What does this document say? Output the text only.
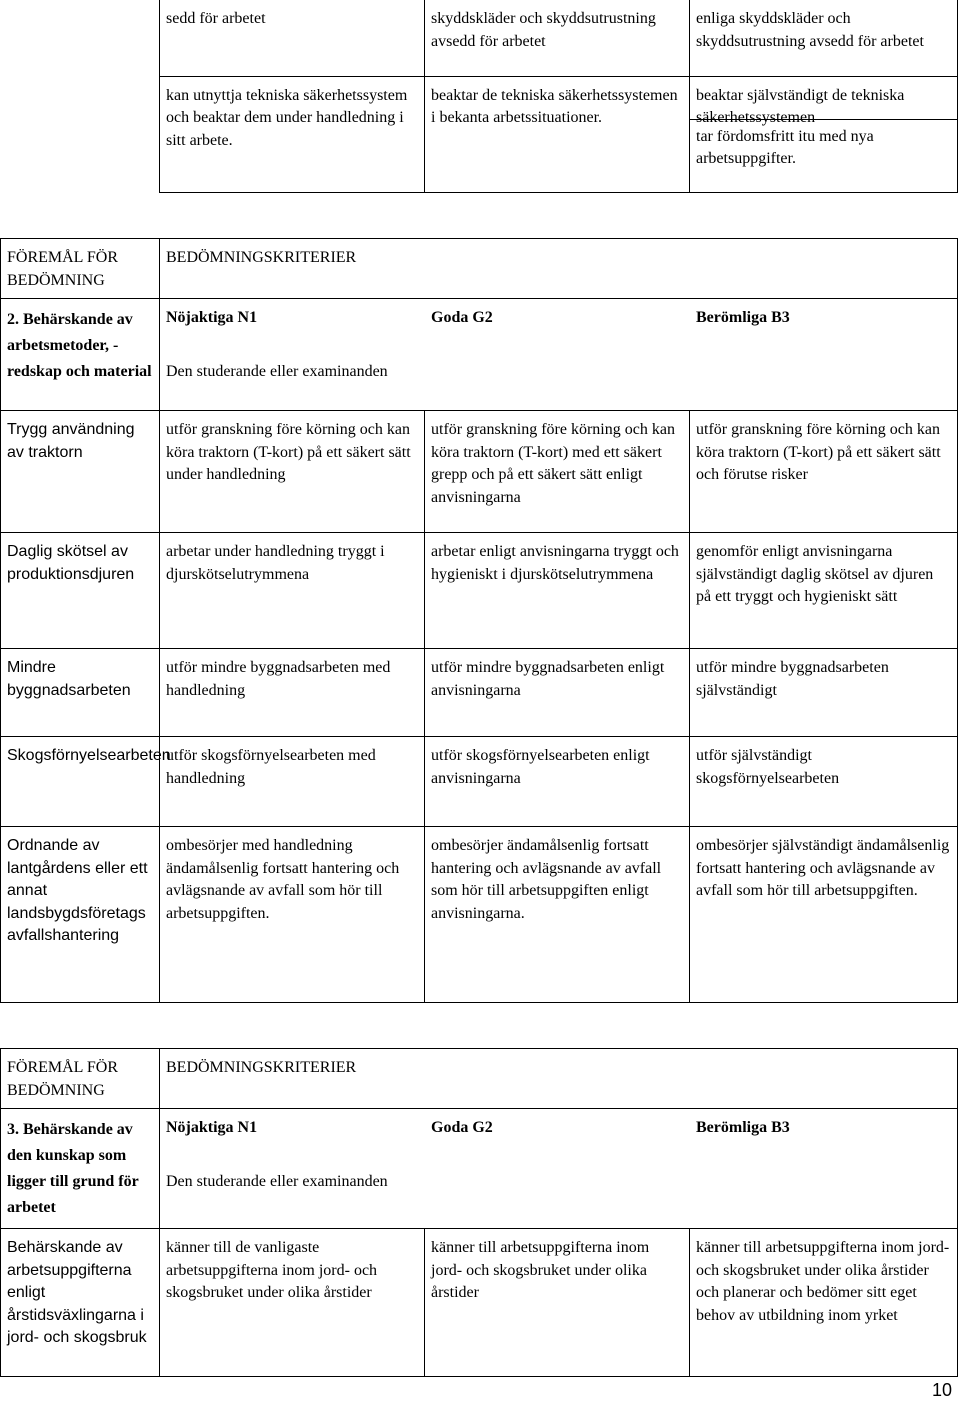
sedd för arbetet	skyddskläder och skyddsutrustning avsedd för arbetet	enliga skyddskläder och skyddsutrustning avsedd för arbetet
kan utnyttja tekniska säkerhetssystem och beaktar dem under handledning i sitt arbete.	beaktar de tekniska säkerhetssystemen i bekanta arbetssituationer.	beaktar självständigt de tekniska säkerhetssystemen
tar fördomsfritt itu med nya arbetsuppgifter.
FÖREMÅL FÖR BEDÖMNING	BEDÖMNINGSKRITERIER		
2. Behärskande av arbetsmetoder, -redskap och material	Nöjaktiga N1 Goda G2 Berömliga B3
Den studerande eller examinanden		

Trygg användning av traktorn	utför granskning före körning och kan köra traktorn (T-kort) på ett säkert sätt under handledning	utför granskning före körning och kan köra traktorn (T-kort) med ett säkert grepp och på ett säkert sätt enligt anvisningarna	utför granskning före körning och kan köra traktorn (T-kort) på ett säkert sätt och förutse risker
Daglig skötsel av produktionsdjuren	arbetar under handledning tryggt i djurskötselutrymmena	arbetar enligt anvisningarna tryggt och hygieniskt i djurskötselutrymmena	genomför enligt anvisningarna självständigt daglig skötsel av djuren på ett tryggt och hygieniskt sätt
Mindre byggnadsarbeten	utför mindre byggnadsarbeten med handledning	utför mindre byggnadsarbeten enligt anvisningarna	utför mindre byggnadsarbeten självständigt
Skogsförnyelsearbeten	utför skogsförnyelsearbeten med handledning	utför skogsförnyelsearbeten enligt anvisningarna	utför självständigt skogsförnyelsearbeten
Ordnande av lantgårdens eller ett annat landsbygdsföretags avfallshantering	ombesörjer med handledning ändamålsenlig fortsatt hantering och avlägsnande av avfall som hör till arbetsuppgiften.	ombesörjer ändamålsenlig fortsatt hantering och avlägsnande av avfall som hör till arbetsuppgiften enligt anvisningarna.	ombesörjer självständigt ändamålsenlig fortsatt hantering och avlägsnande av avfall som hör till arbetsuppgiften.
FÖREMÅL FÖR BEDÖMNING	BEDÖMNINGSKRITERIER		
3. Behärskande av den kunskap som ligger till grund för arbetet	Nöjaktiga N1 Goda G2 Berömliga B3
Den studerande eller examinanden		

Behärskande av arbetsuppgifterna enligt årstidsväxlingarna i jord- och skogsbruk	känner till de vanligaste arbetsuppgifterna inom jord- och skogsbruket under olika årstider	känner till arbetsuppgifterna inom jord- och skogsbruket under olika årstider	känner till arbetsuppgifterna inom jord- och skogsbruket under olika årstider och planerar och bedömer sitt eget behov av utbildning inom yrket
10
